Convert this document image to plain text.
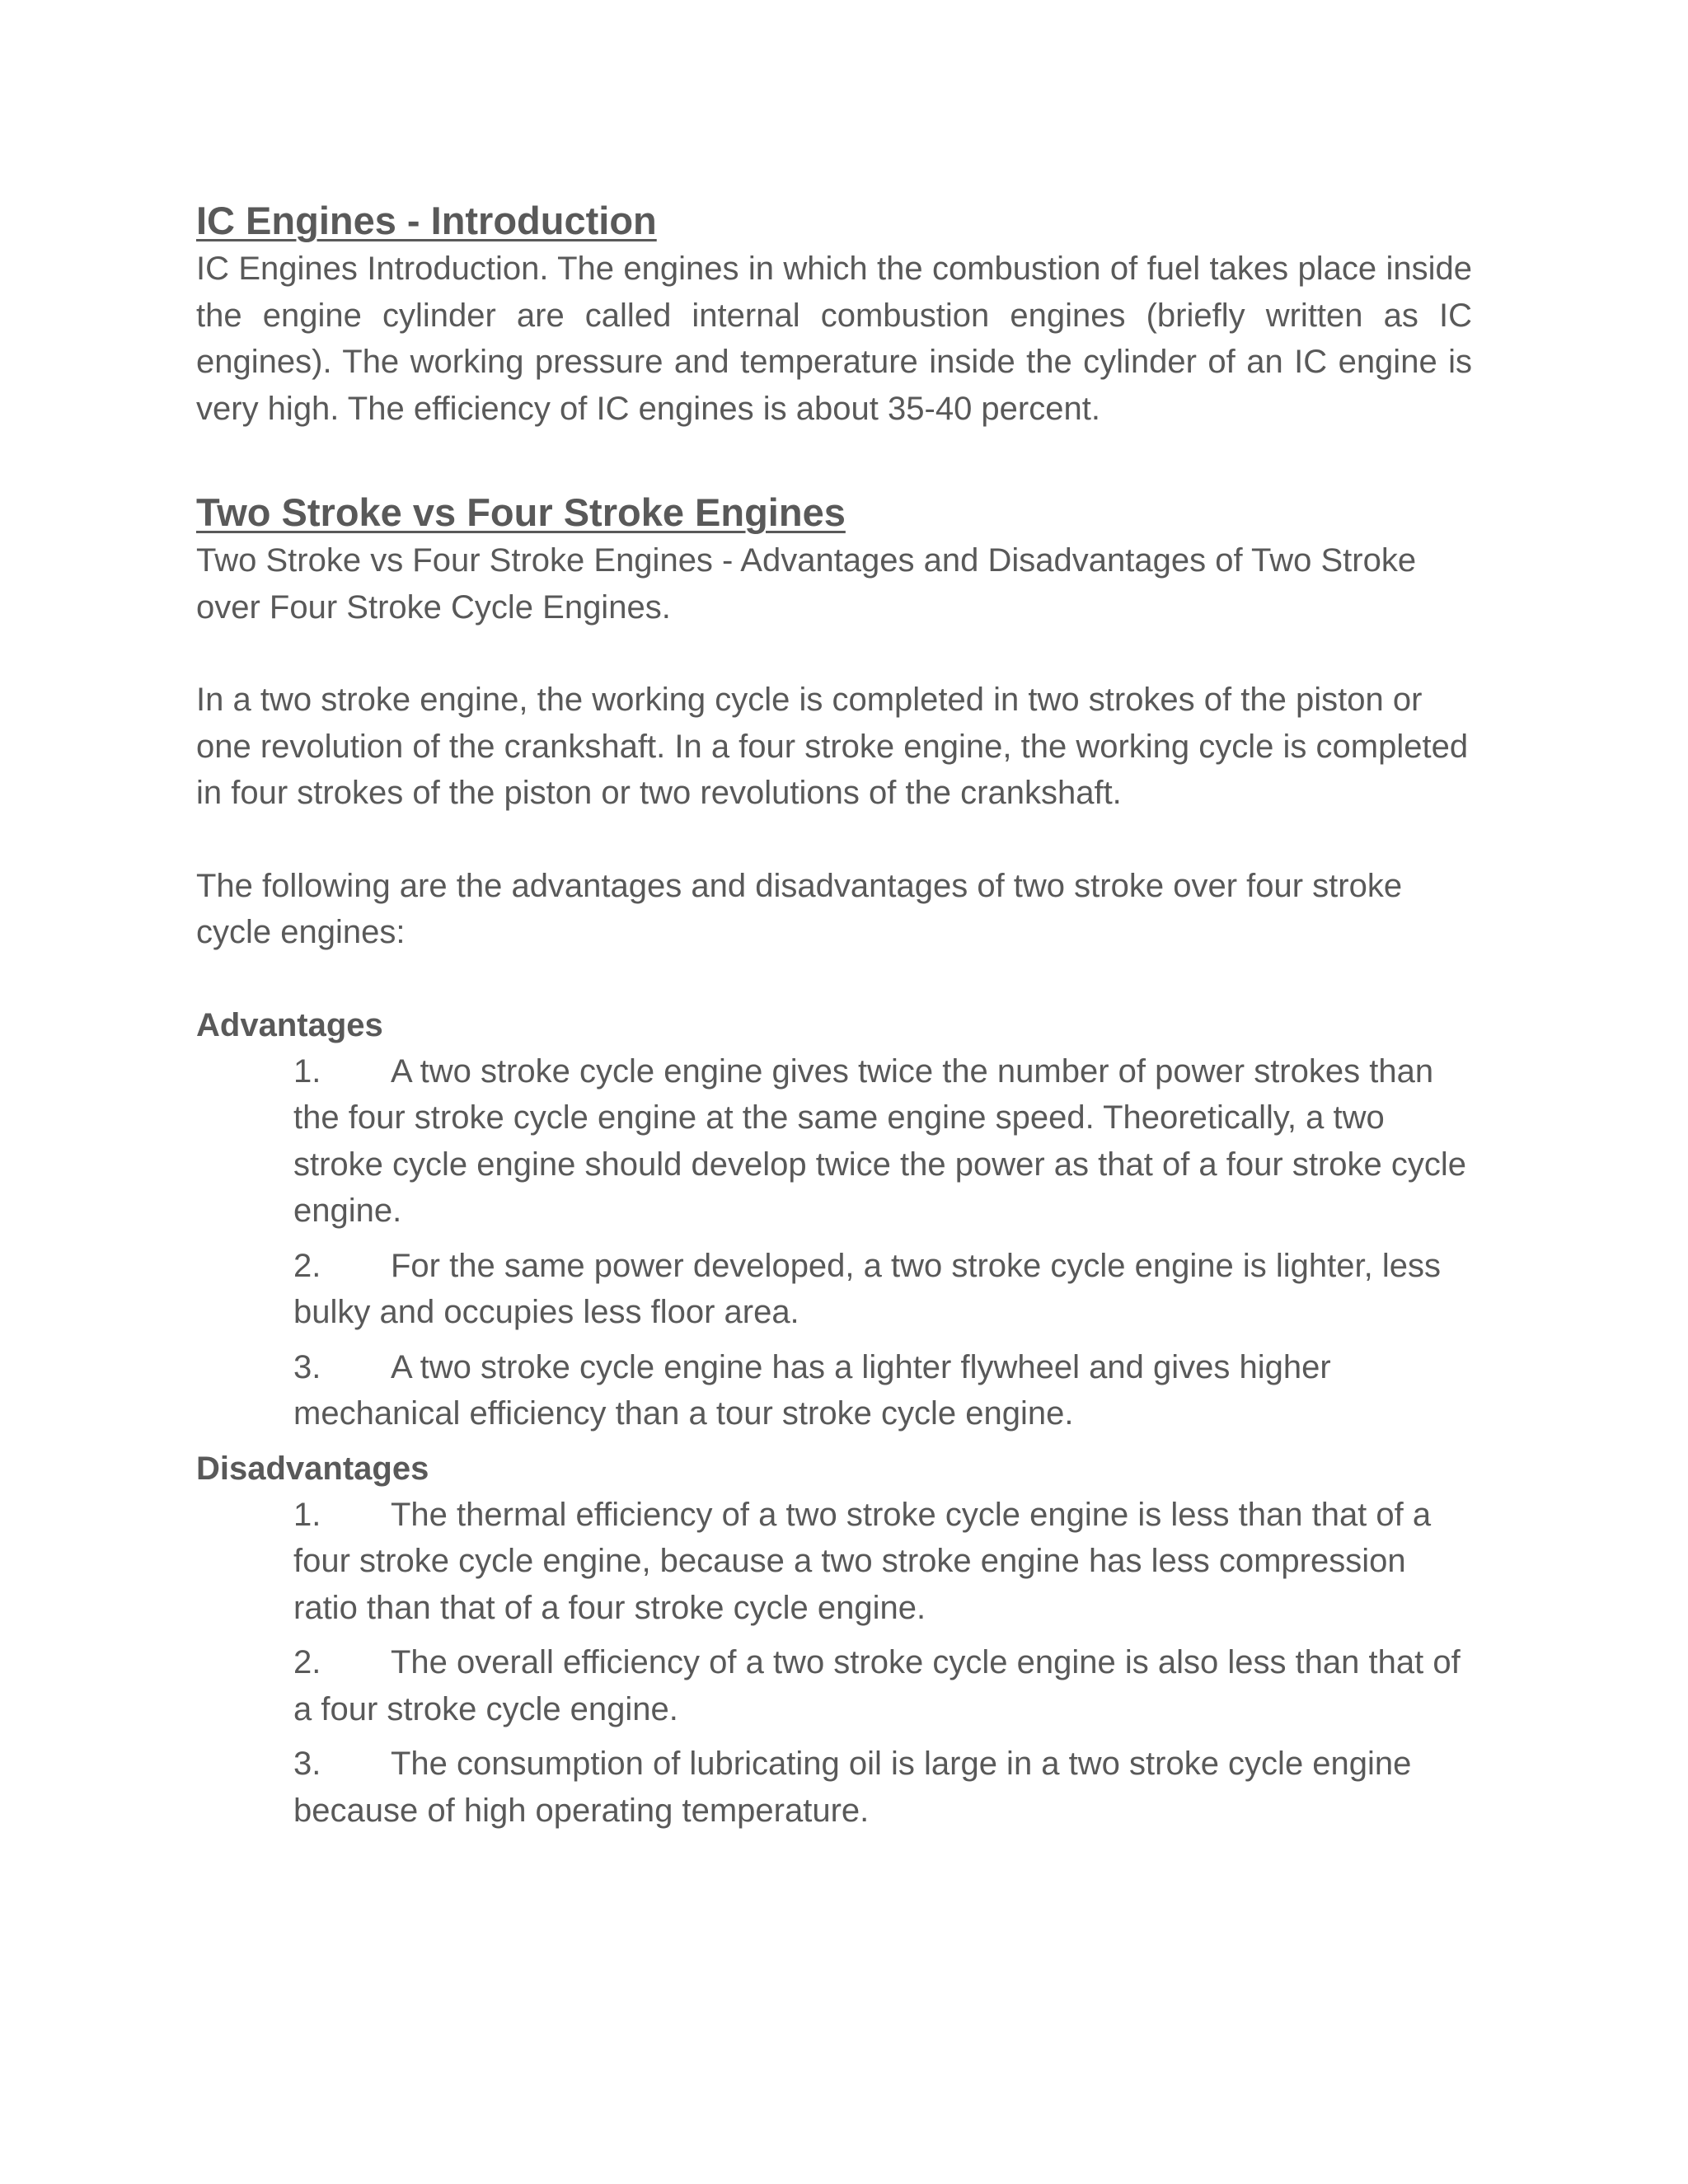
IC Engines - Introduction

IC Engines Introduction. The engines in which the combustion of fuel takes place inside the engine cylinder are called internal combustion engines (briefly written as IC engines). The working pressure and temperature inside the cylinder of an IC engine is very high. The efficiency of IC engines is about 35-40 percent.

Two Stroke vs Four Stroke Engines

Two Stroke vs Four Stroke Engines - Advantages and Disadvantages of Two Stroke over Four Stroke Cycle Engines.

In a two stroke engine, the working cycle is completed in two strokes of the piston or one revolution of the crankshaft. In a four stroke engine, the working cycle is completed in four strokes of the piston or two revolutions of the crankshaft.

The following are the advantages and disadvantages of two stroke over four stroke cycle engines:

Advantages

1. A two stroke cycle engine gives twice the number of power strokes than the four stroke cycle engine at the same engine speed. Theoretically, a two stroke cycle engine should develop twice the power as that of a four stroke cycle engine.
2. For the same power developed, a two stroke cycle engine is lighter, less bulky and occupies less floor area.
3. A two stroke cycle engine has a lighter flywheel and gives higher mechanical efficiency than a tour stroke cycle engine.

Disadvantages

1. The thermal efficiency of a two stroke cycle engine is less than that of a four stroke cycle engine, because a two stroke engine has less compression ratio than that of a four stroke cycle engine.
2. The overall efficiency of a two stroke cycle engine is also less than that of a four stroke cycle engine.
3. The consumption of lubricating oil is large in a two stroke cycle engine because of high operating temperature.
